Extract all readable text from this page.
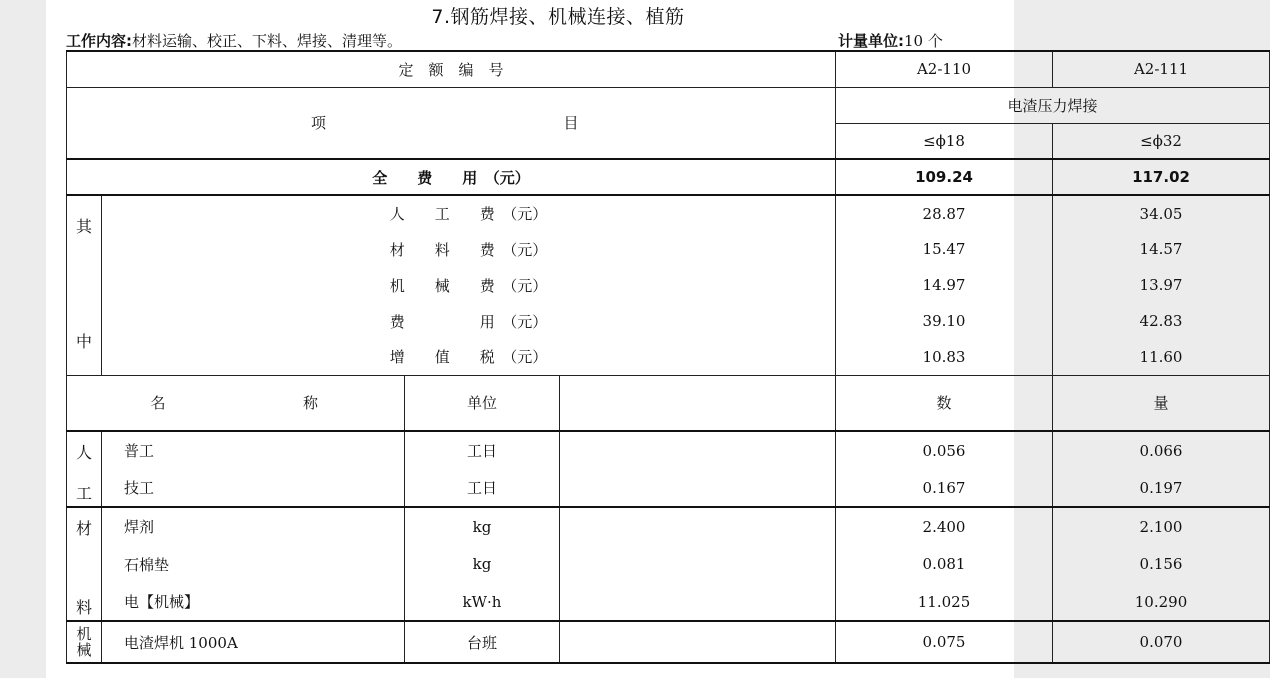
7.钢筋焊接、机械连接、植筋
工作内容:材料运输、校正、下料、焊接、清理等。	计量单位:10 个
定　额　编　号				A2-110	A2-111
项 目				电渣压力焊接	
				≤ϕ18	≤ϕ32
全　　费　　用　（元）				109.24	117.02

其
中	人　　工　　费　（元）			28.87	34.05
	材　　料　　费　（元）			15.47	14.57
	机　　械　　费　（元）			14.97	13.97
	费　　　　　用　（元）			39.10	42.83
	增　　值　　税　（元）			10.83	11.60
名 称		单位		数	量

人
工	普工	工日		0.056	0.066
	技工	工日		0.167	0.197

材
料	焊剂	kg		2.400	2.100
	石棉垫	kg		0.081	0.156
	电【机械】	kW·h		11.025	10.290

机
械	电渣焊机 1000A	台班		0.075	0.070
